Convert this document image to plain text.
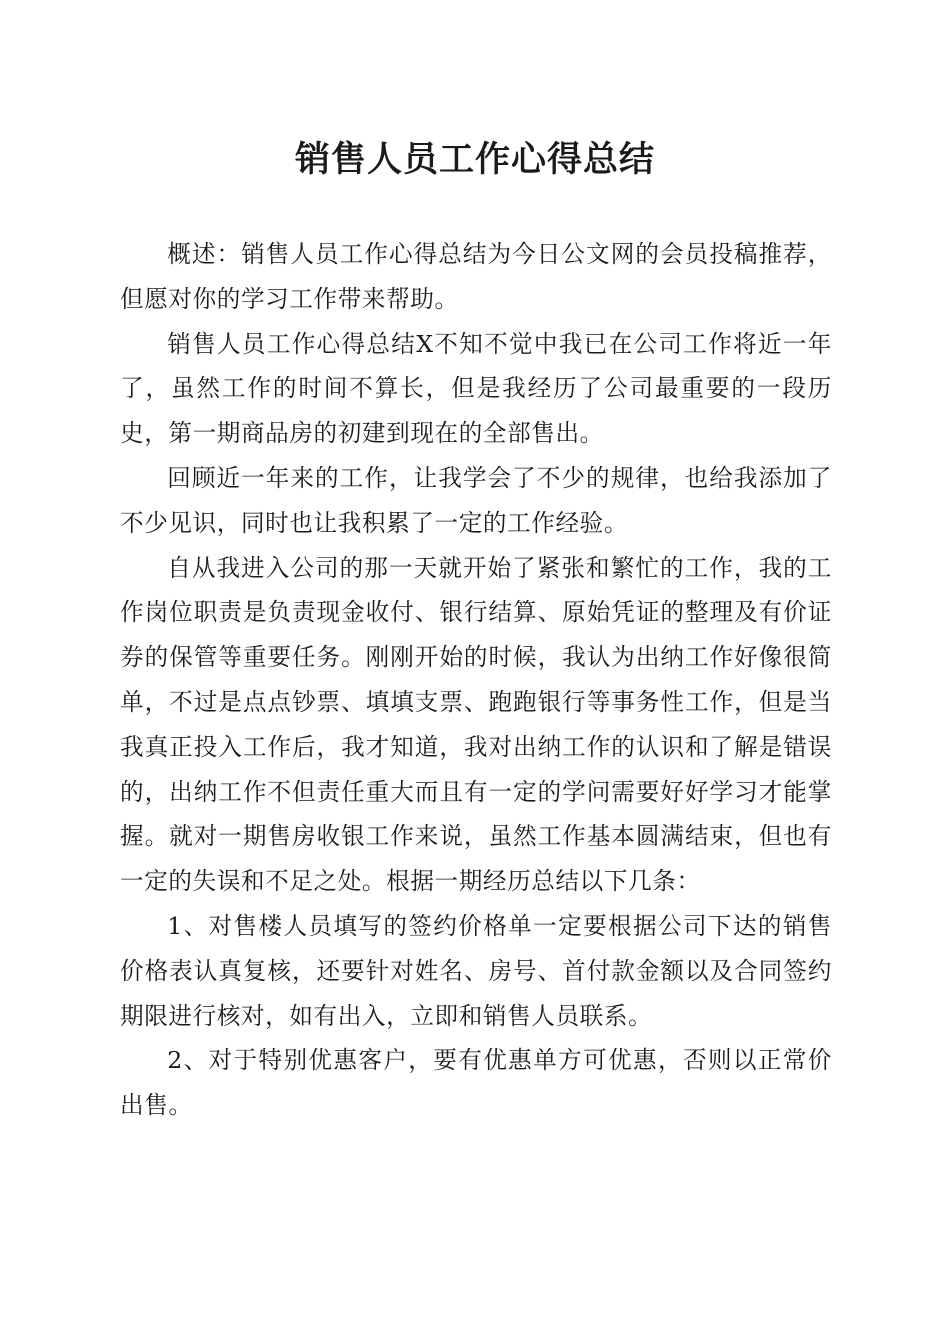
销售人员工作心得总结

概述：销售人员工作心得总结为今日公文网的会员投稿推荐，但愿对你的学习工作带来帮助。

销售人员工作心得总结X不知不觉中我已在公司工作将近一年了，虽然工作的时间不算长，但是我经历了公司最重要的一段历史，第一期商品房的初建到现在的全部售出。

回顾近一年来的工作，让我学会了不少的规律，也给我添加了不少见识，同时也让我积累了一定的工作经验。

自从我进入公司的那一天就开始了紧张和繁忙的工作，我的工作岗位职责是负责现金收付、银行结算、原始凭证的整理及有价证券的保管等重要任务。刚刚开始的时候，我认为出纳工作好像很简单，不过是点点钞票、填填支票、跑跑银行等事务性工作，但是当我真正投入工作后，我才知道，我对出纳工作的认识和了解是错误的，出纳工作不但责任重大而且有一定的学问需要好好学习才能掌握。就对一期售房收银工作来说，虽然工作基本圆满结束，但也有一定的失误和不足之处。根据一期经历总结以下几条：

1、对售楼人员填写的签约价格单一定要根据公司下达的销售价格表认真复核，还要针对姓名、房号、首付款金额以及合同签约期限进行核对，如有出入，立即和销售人员联系。

2、对于特别优惠客户，要有优惠单方可优惠，否则以正常价出售。
